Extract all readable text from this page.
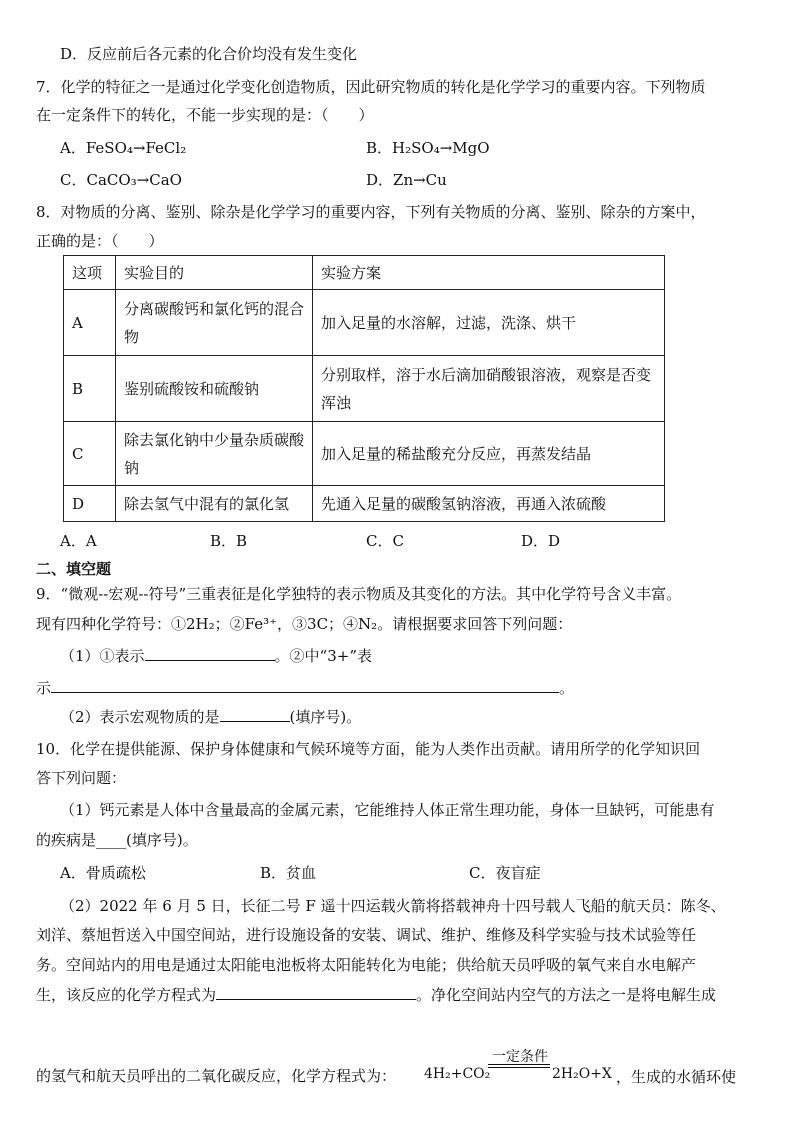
D．反应前后各元素的化合价均没有发生变化
7．化学的特征之一是通过化学变化创造物质，因此研究物质的转化是化学学习的重要内容。下列物质
在一定条件下的转化，不能一步实现的是：（　　）
A．FeSO₄→FeCl₂	B．H₂SO₄→MgO
C．CaCO₃→CaO	D．Zn→Cu
8．对物质的分离、鉴别、除杂是化学学习的重要内容，下列有关物质的分离、鉴别、除杂的方案中，
正确的是：（　　）
这项	实验目的	实验方案
A	分离碳酸钙和氯化钙的混合物	加入足量的水溶解，过滤，洗涤、烘干
B	鉴别硫酸铵和硫酸钠	分别取样，溶于水后滴加硝酸银溶液，观察是否变浑浊
C	除去氯化钠中少量杂质碳酸钠	加入足量的稀盐酸充分反应，再蒸发结晶
D	除去氢气中混有的氯化氢	先通入足量的碳酸氢钠溶液，再通入浓硫酸
A．A	B．B	C．C	D．D
二、填空题
9．“微观--宏观--符号”三重表征是化学独特的表示物质及其变化的方法。其中化学符号含义丰富。
现有四种化学符号：①2H₂；②Fe³⁺，③3C；④N₂。请根据要求回答下列问题：
（1）①表示	。②中“3+”表
示	。
（2）表示宏观物质的是	(填序号)。
10．化学在提供能源、保护身体健康和气候环境等方面，能为人类作出贡献。请用所学的化学知识回
答下列问题：
（1）钙元素是人体中含量最高的金属元素，它能维持人体正常生理功能，身体一旦缺钙，可能患有
的疾病是____(填序号)。
A．骨质疏松	B．贫血	C．夜盲症
（2）2022 年 6 月 5 日，长征二号 F 遥十四运载火箭将搭载神舟十四号载人飞船的航天员：陈冬、
刘洋、蔡旭哲送入中国空间站，进行设施设备的安装、调试、维护、维修及科学实验与技术试验等任
务。空间站内的用电是通过太阳能电池板将太阳能转化为电能；供给航天员呼吸的氧气来自水电解产
生，该反应的化学方程式为	。净化空间站内空气的方法之一是将电解生成
的氢气和航天员呼出的二氧化碳反应，化学方程式为： 4H₂+CO₂
一定条件
2H₂O+X ，生成的水循环使
